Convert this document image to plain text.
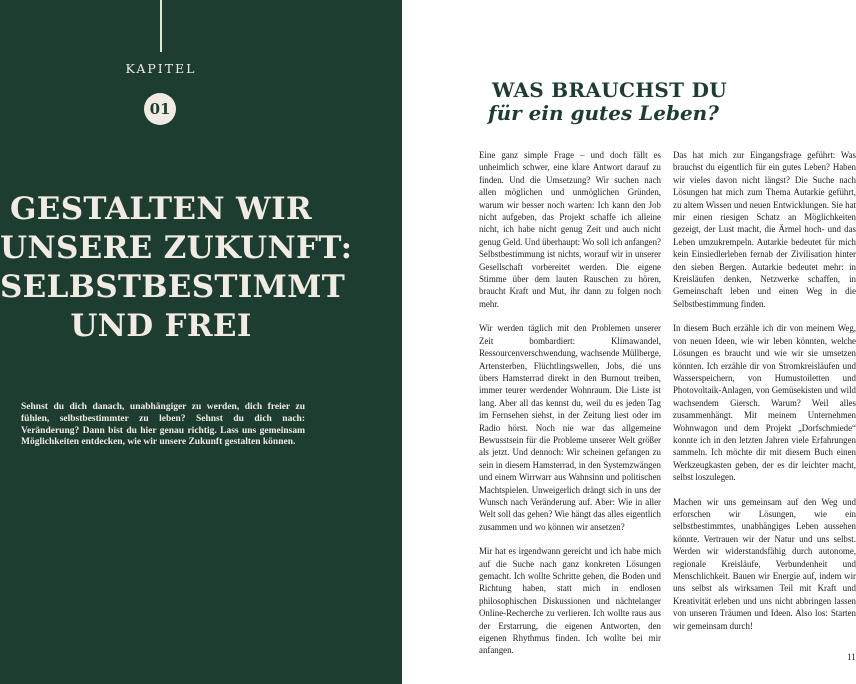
KAPITEL
01
GESTALTEN WIR
UNSERE ZUKUNFT:
SELBSTBESTIMMT
UND FREI

Sehnst du dich danach, unabhängiger zu werden, dich freier zu fühlen, selbstbestimmter zu leben? Sehnst du dich nach: Veränderung? Dann bist du hier genau richtig. Lass uns gemeinsam Möglichkeiten entdecken, wie wir unsere Zukunft gestalten können.

WAS BRAUCHST DU
für ein gutes Leben?

Eine ganz simple Frage – und doch fällt es unheimlich schwer, eine klare Antwort darauf zu finden. Und die Umsetzung? Wir suchen nach allen möglichen und unmöglichen Gründen, warum wir besser noch warten: Ich kann den Job nicht aufgeben, das Projekt schaffe ich alleine nicht, ich habe nicht genug Zeit und auch nicht genug Geld. Und überhaupt: Wo soll ich anfangen? Selbstbestimmung ist nichts, worauf wir in unserer Gesellschaft vorbereitet werden. Die eigene Stimme über dem lauten Rauschen zu hören, braucht Kraft und Mut, ihr dann zu folgen noch mehr.

Wir werden täglich mit den Problemen unserer Zeit bombardiert: Klimawandel, Ressourcenverschwendung, wachsende Müllberge, Artensterben, Flüchtlingswellen, Jobs, die uns übers Hamsterrad direkt in den Burnout treiben, immer teurer werdender Wohnraum. Die Liste ist lang. Aber all das kennst du, weil du es jeden Tag im Fernsehen siehst, in der Zeitung liest oder im Radio hörst. Noch nie war das allgemeine Bewusstsein für die Probleme unserer Welt größer als jetzt. Und dennoch: Wir scheinen gefangen zu sein in diesem Hamsterrad, in den Systemzwängen und einem Wirrwarr aus Wahnsinn und politischen Machtspielen. Unweigerlich drängt sich in uns der Wunsch nach Veränderung auf. Aber: Wie in aller Welt soll das gehen? Wie hängt das alles eigentlich zusammen und wo können wir ansetzen?

Mir hat es irgendwann gereicht und ich habe mich auf die Suche nach ganz konkreten Lösungen gemacht. Ich wollte Schritte gehen, die Boden und Richtung haben, statt mich in endlosen philosophischen Diskussionen und nächtelanger Online-Recherche zu verlieren. Ich wollte raus aus der Erstarrung, die eigenen Antworten, den eigenen Rhythmus finden. Ich wollte bei mir anfangen.

Das hat mich zur Eingangsfrage geführt: Was brauchst du eigentlich für ein gutes Leben? Haben wir vieles davon nicht längst? Die Suche nach Lösungen hat mich zum Thema Autarkie geführt, zu altem Wissen und neuen Entwicklungen. Sie hat mir einen riesigen Schatz an Möglichkeiten gezeigt, der Lust macht, die Ärmel hoch- und das Leben umzukrempeln. Autarkie bedeutet für mich kein Einsiedlerleben fernab der Zivilisation hinter den sieben Bergen. Autarkie bedeutet mehr: in Kreisläufen denken, Netzwerke schaffen, in Gemeinschaft leben und einen Weg in die Selbstbestimmung finden.

In diesem Buch erzähle ich dir von meinem Weg, von neuen Ideen, wie wir leben könnten, welche Lösungen es braucht und wie wir sie umsetzen könnten. Ich erzähle dir von Stromkreisläufen und Wasserspeichern, von Humustoiletten und Photovoltaik-Anlagen, von Gemüsekisten und wild wachsendem Giersch. Warum? Weil alles zusammenhängt. Mit meinem Unternehmen Wohnwagon und dem Projekt „Dorfschmiede“ konnte ich in den letzten Jahren viele Erfahrungen sammeln. Ich möchte dir mit diesem Buch einen Werkzeugkasten geben, der es dir leichter macht, selbst loszulegen.

Machen wir uns gemeinsam auf den Weg und erforschen wir Lösungen, wie ein selbstbestimmtes, unabhängiges Leben aussehen könnte. Vertrauen wir der Natur und uns selbst. Werden wir widerstandsfähig durch autonome, regionale Kreisläufe, Verbundenheit und Menschlichkeit. Bauen wir Energie auf, indem wir uns selbst als wirksamen Teil mit Kraft und Kreativität erleben und uns nicht abbringen lassen von unseren Träumen und Ideen. Also los: Starten wir gemeinsam durch!

11
